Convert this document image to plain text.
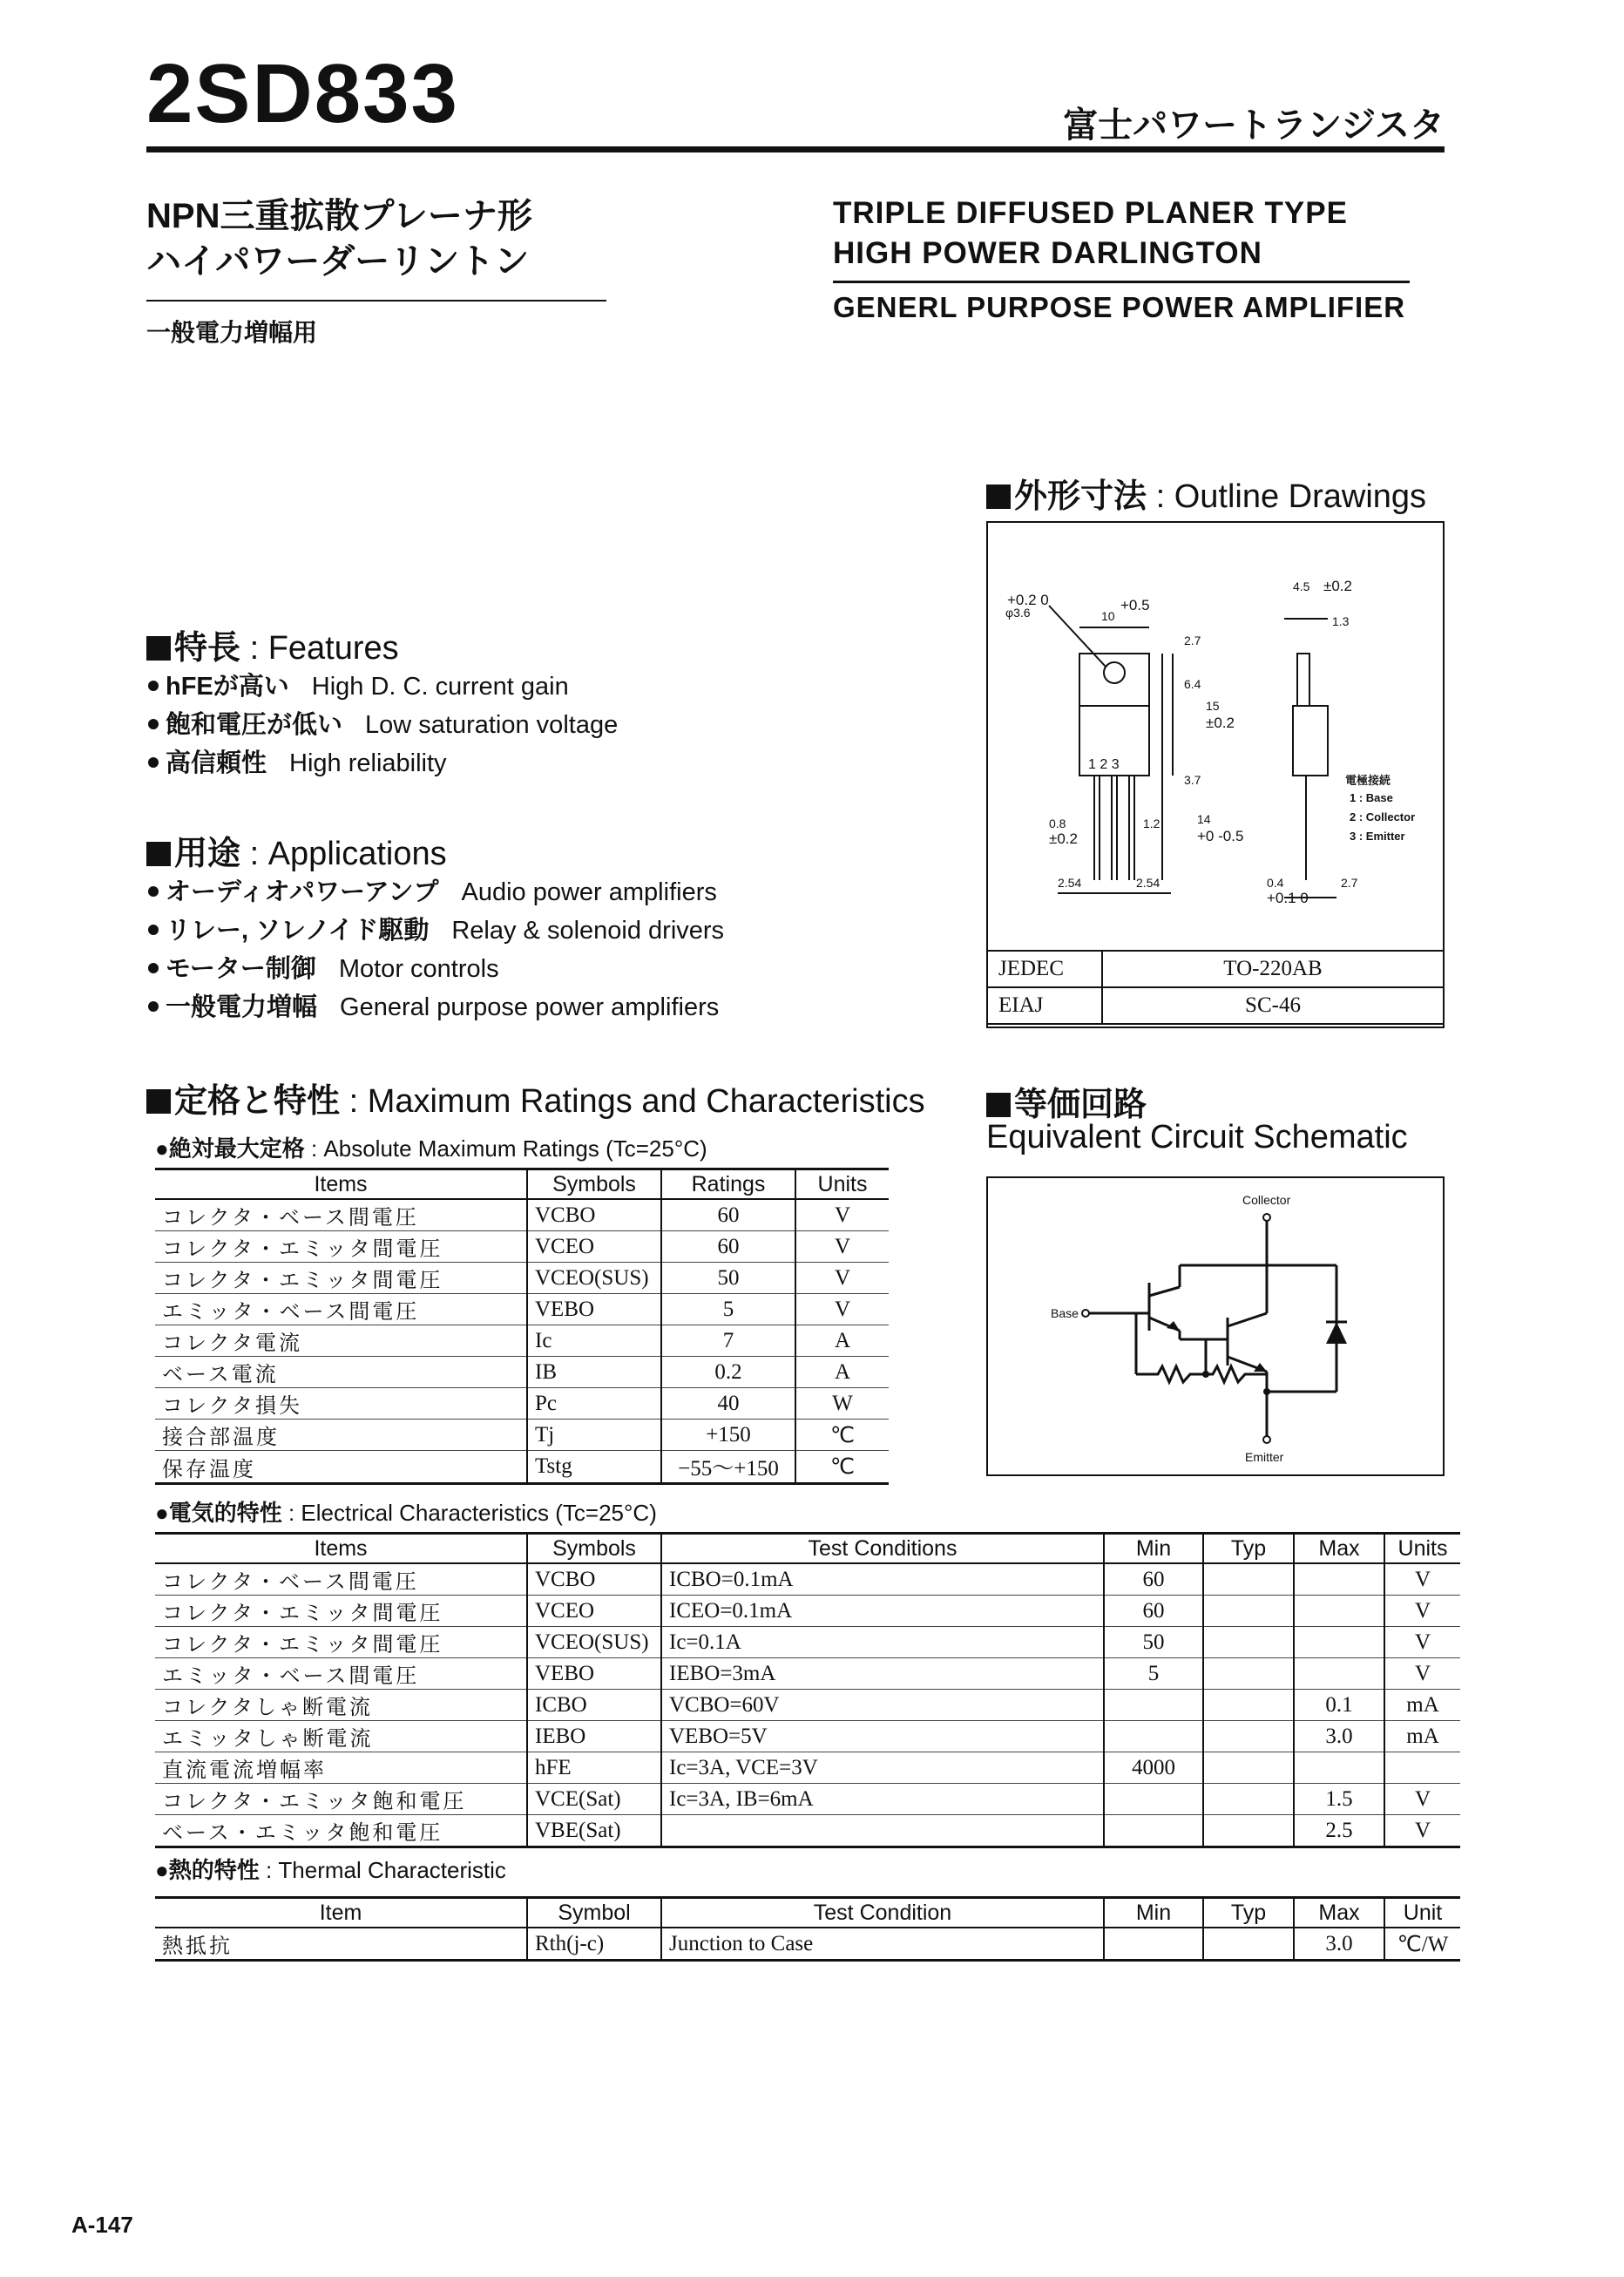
2SD833	富士パワートランジスタ
NPN三重拡散プレーナ形
ハイパワーダーリントン
一般電力増幅用
TRIPLE DIFFUSED PLANER TYPE
HIGH POWER DARLINGTON
GENERL PURPOSE POWER AMPLIFIER
特長 : Features
hFEが高い High D. C. current gain
飽和電圧が低い Low saturation voltage
高信頼性 High reliability
用途 : Applications
オーディオパワーアンプ Audio power amplifiers
リレー, ソレノイド駆動 Relay & solenoid drivers
モーター制御 Motor controls
一般電力増幅 General purpose power amplifiers
外形寸法 : Outline Drawings
φ3.6
+0.2 0
10
+0.5
2.7
6.4
15
±0.2
3.7
14
+0 -0.5
1 2 3
0.8
±0.2
1.2
2.54	2.54
4.5 ±0.2
1.3
0.4
+0.1 0
2.7
電極接続
1 : Base
2 : Collector
3 : Emitter
JEDEC	TO-220AB
EIAJ	SC-46
等価回路
Equivalent Circuit Schematic
Collector
Base
Emitter
定格と特性 : Maximum Ratings and Characteristics
●絶対最大定格 : Absolute Maximum Ratings (Tc=25°C)
Items	Symbols	Ratings	Units
コレクタ・ベース間電圧	VCBO	60	V
コレクタ・エミッタ間電圧	VCEO	60	V
コレクタ・エミッタ間電圧	VCEO(SUS)	50	V
エミッタ・ベース間電圧	VEBO	5	V
コレクタ電流	Ic	7	A
ベース電流	IB	0.2	A
コレクタ損失	Pc	40	W
接合部温度	Tj	+150	℃
保存温度	Tstg	−55～+150	℃
●電気的特性 : Electrical Characteristics (Tc=25°C)
Items	Symbols	Test Conditions	Min	Typ	Max	Units
コレクタ・ベース間電圧	VCBO	ICBO=0.1mA	60			V
コレクタ・エミッタ間電圧	VCEO	ICEO=0.1mA	60			V
コレクタ・エミッタ間電圧	VCEO(SUS)	Ic=0.1A	50			V
エミッタ・ベース間電圧	VEBO	IEBO=3mA	5			V
コレクタしゃ断電流	ICBO	VCBO=60V			0.1	mA
エミッタしゃ断電流	IEBO	VEBO=5V			3.0	mA
直流電流増幅率	hFE	Ic=3A, VCE=3V	4000			
コレクタ・エミッタ飽和電圧	VCE(Sat)	Ic=3A, IB=6mA			1.5	V
ベース・エミッタ飽和電圧	VBE(Sat)				2.5	V
●熱的特性 : Thermal Characteristic
Item	Symbol	Test Condition	Min	Typ	Max	Unit
熱抵抗	Rth(j-c)	Junction to Case			3.0	℃/W
A-147
